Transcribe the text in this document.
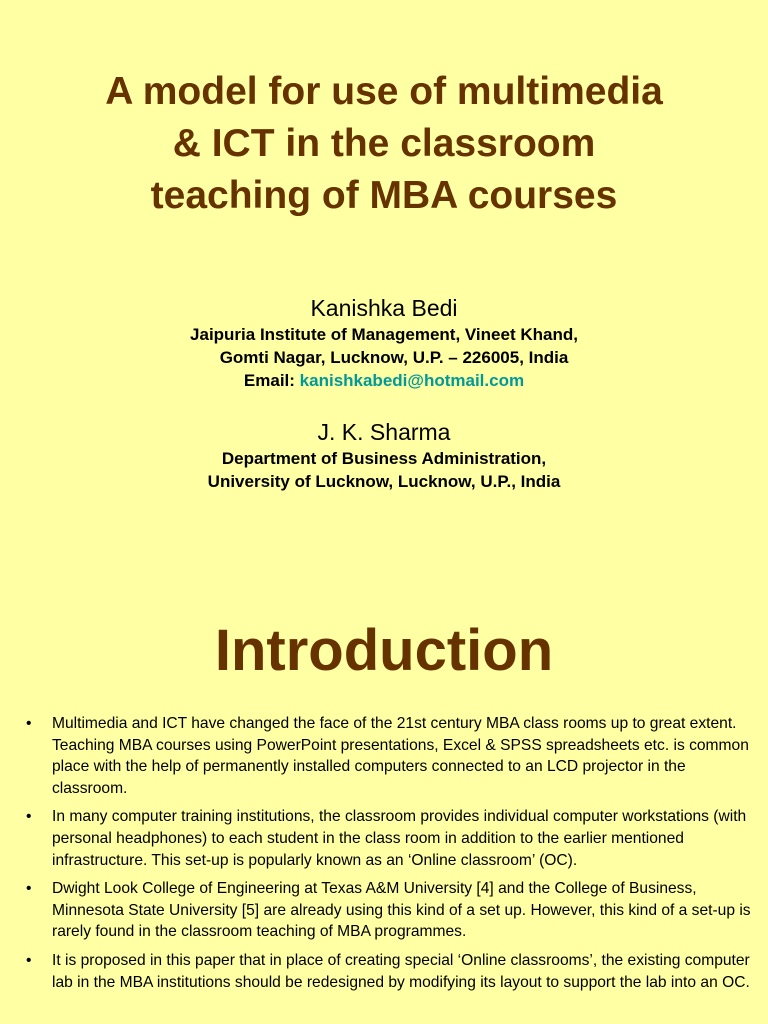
A model for use of multimedia
& ICT in the classroom
teaching of MBA courses
Kanishka Bedi
Jaipuria Institute of Management, Vineet Khand,
Gomti Nagar, Lucknow, U.P. – 226005, India
Email: kanishkabedi@hotmail.com
J. K. Sharma
Department of Business Administration,
University of Lucknow, Lucknow, U.P., India
Introduction
• Multimedia and ICT have changed the face of the 21st century MBA class rooms up to great extent. Teaching MBA courses using PowerPoint presentations, Excel & SPSS spreadsheets etc. is common place with the help of permanently installed computers connected to an LCD projector in the classroom.
• In many computer training institutions, the classroom provides individual computer workstations (with personal headphones) to each student in the class room in addition to the earlier mentioned infrastructure. This set-up is popularly known as an ‘Online classroom’ (OC).
• Dwight Look College of Engineering at Texas A&M University [4] and the College of Business, Minnesota State University [5] are already using this kind of a set up. However, this kind of a set-up is rarely found in the classroom teaching of MBA programmes.
• It is proposed in this paper that in place of creating special ‘Online classrooms’, the existing computer lab in the MBA institutions should be redesigned by modifying its layout to support the lab into an OC.
